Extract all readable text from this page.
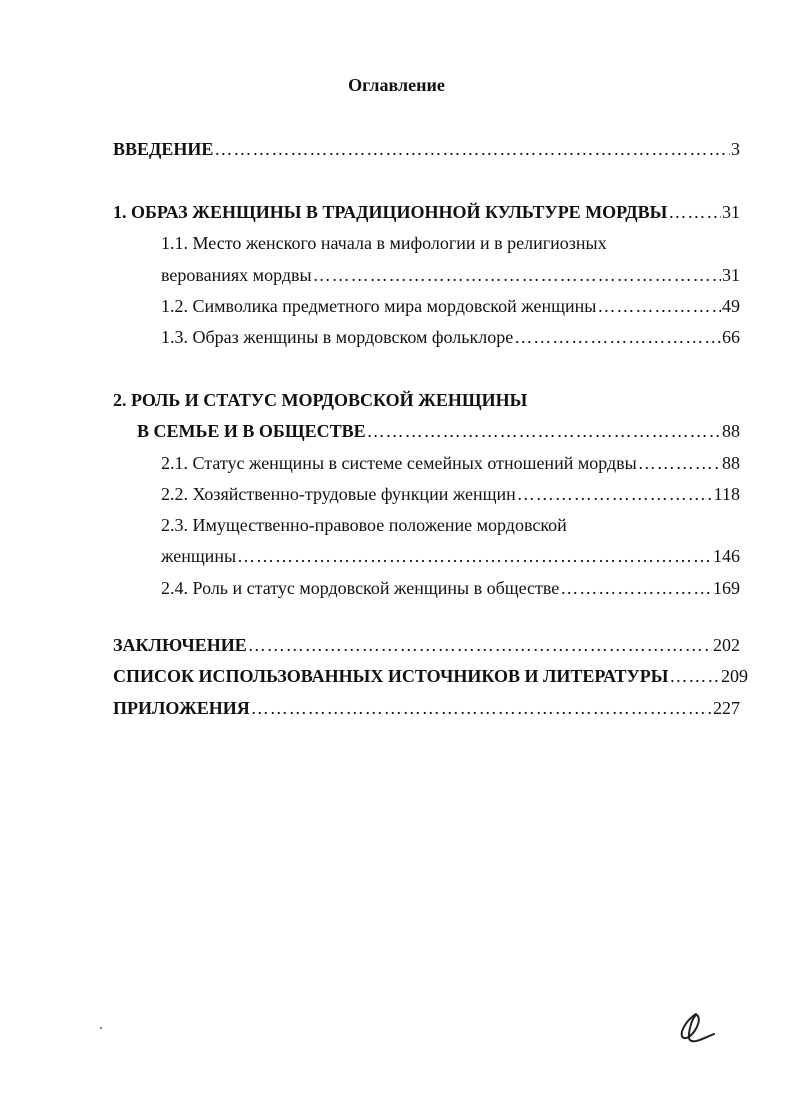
Оглавление
ВВЕДЕНИЕ ……………………………………………………………………………………………………………………………………………………………………………	3
1. ОБРАЗ ЖЕНЩИНЫ В ТРАДИЦИОННОЙ КУЛЬТУРЕ МОРДВЫ ……………………………………………………………………………………………………………………………………………………………………………	31
1.1. Место женского начала в мифологии и в религиозных
верованиях мордвы ……………………………………………………………………………………………………………………………………………………………………………	31
1.2. Символика предметного мира мордовской женщины ……………………………………………………………………………………………………………………………………………………………………………	49
1.3. Образ женщины в мордовском фольклоре ……………………………………………………………………………………………………………………………………………………………………………	66
2. РОЛЬ И СТАТУС МОРДОВСКОЙ ЖЕНЩИНЫ
В СЕМЬЕ И В ОБЩЕСТВЕ ……………………………………………………………………………………………………………………………………………………………………………	88
2.1. Статус женщины в системе семейных отношений мордвы ……………………………………………………………………………………………………………………………………………………………………………	88
2.2. Хозяйственно-трудовые функции женщин ……………………………………………………………………………………………………………………………………………………………………………	118
2.3. Имущественно-правовое положение мордовской
женщины ……………………………………………………………………………………………………………………………………………………………………………	146
2.4. Роль и статус мордовской женщины в обществе ……………………………………………………………………………………………………………………………………………………………………………	169
ЗАКЛЮЧЕНИЕ ……………………………………………………………………………………………………………………………………………………………………………	202
СПИСОК ИСПОЛЬЗОВАННЫХ ИСТОЧНИКОВ И ЛИТЕРАТУРЫ ……………………………………………………………………………………………………………………………………………………………………………	209
ПРИЛОЖЕНИЯ ……………………………………………………………………………………………………………………………………………………………………………	227
